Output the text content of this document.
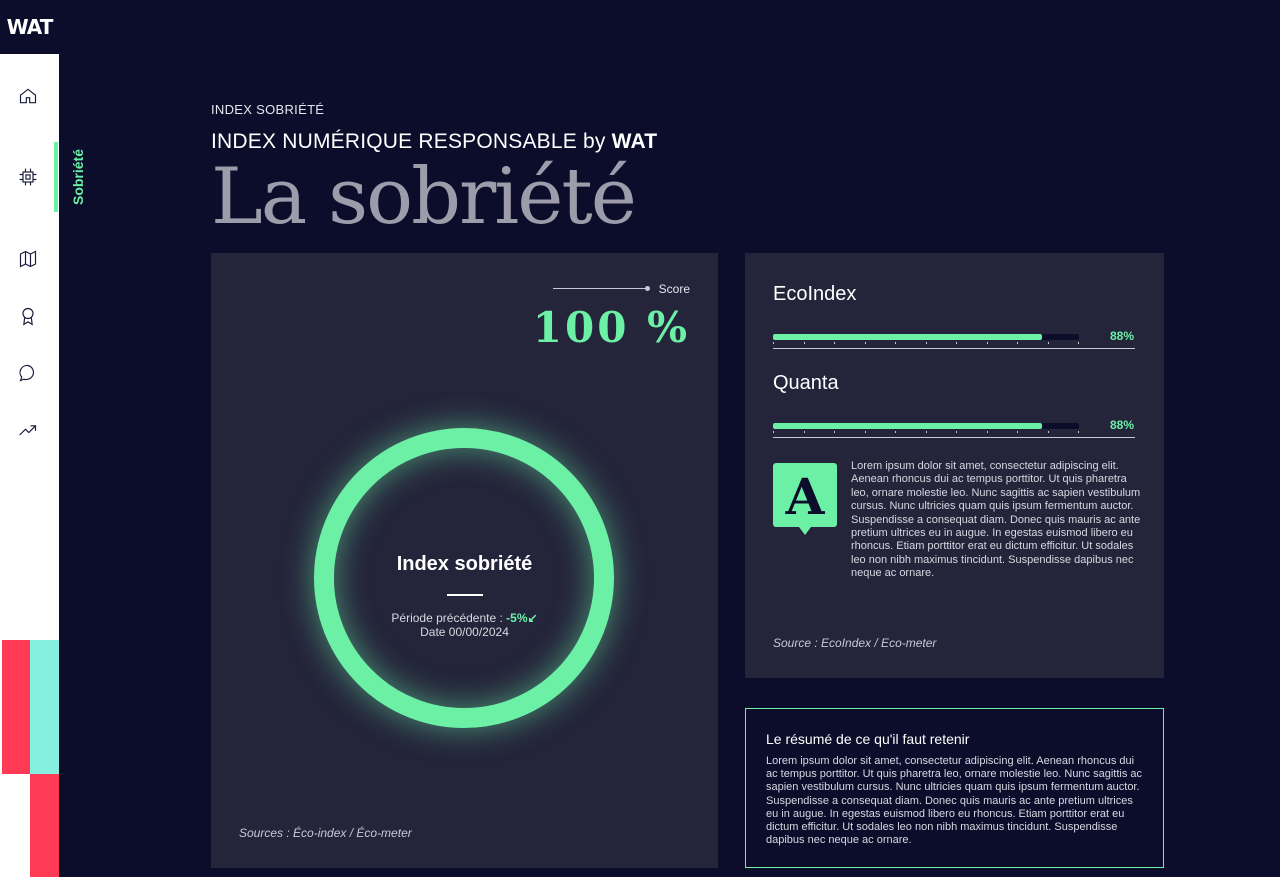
WAT
Sobriété
INDEX SOBRIÉTÉ
INDEX NUMÉRIQUE RESPONSABLE by WAT
La sobriété
Score
100 %
Index sobriété
Période précédente : -5%↙
Date 00/00/2024
Sources : Éco-index / Éco-meter
EcoIndex
88%
Quanta
88%
A
Lorem ipsum dolor sit amet, consectetur adipiscing elit. Aenean rhoncus dui ac tempus porttitor. Ut quis pharetra leo, ornare molestie leo. Nunc sagittis ac sapien vestibulum cursus. Nunc ultricies quam quis ipsum fermentum auctor. Suspendisse a consequat diam. Donec quis mauris ac ante pretium ultrices eu in augue. In egestas euismod libero eu rhoncus. Etiam porttitor erat eu dictum efficitur. Ut sodales leo non nibh maximus tincidunt. Suspendisse dapibus nec neque ac ornare.
Source : EcoIndex / Eco-meter
Le résumé de ce qu'il faut retenir
Lorem ipsum dolor sit amet, consectetur adipiscing elit. Aenean rhoncus dui ac tempus porttitor. Ut quis pharetra leo, ornare molestie leo. Nunc sagittis ac sapien vestibulum cursus. Nunc ultricies quam quis ipsum fermentum auctor. Suspendisse a consequat diam. Donec quis mauris ac ante pretium ultrices eu in augue. In egestas euismod libero eu rhoncus. Etiam porttitor erat eu dictum efficitur. Ut sodales leo non nibh maximus tincidunt. Suspendisse dapibus nec neque ac ornare.
